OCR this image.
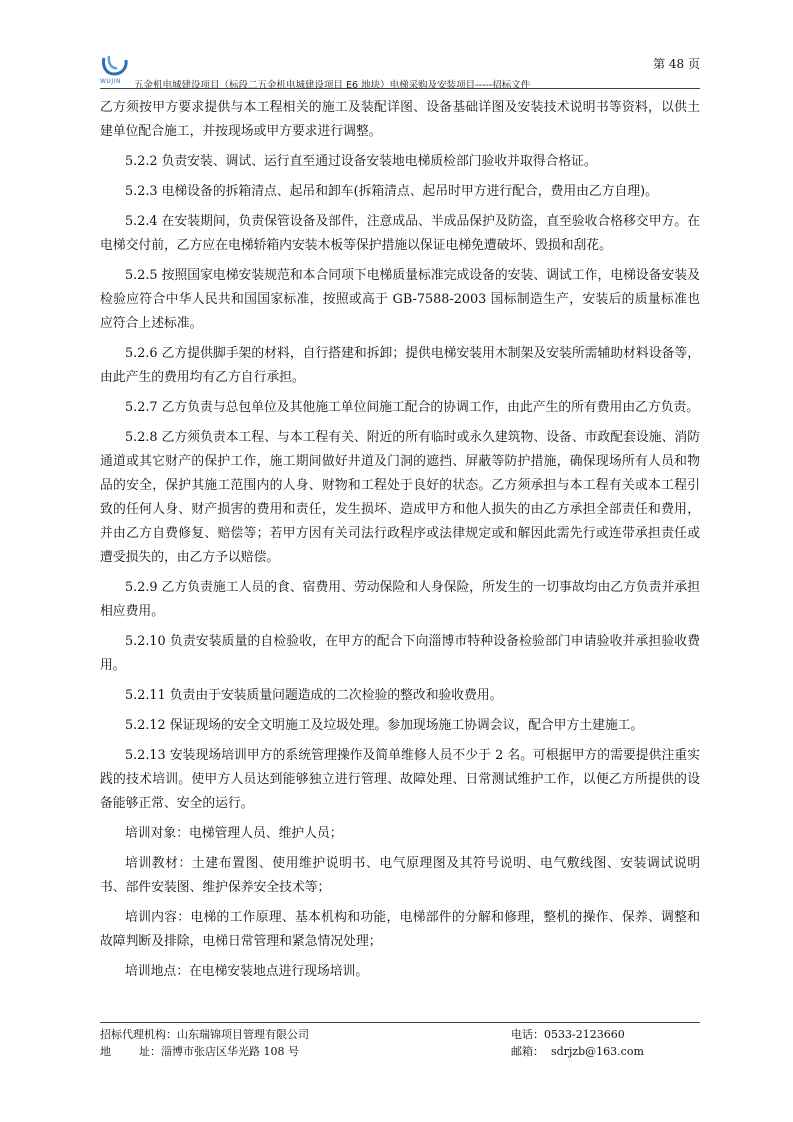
WUJIN
第 48 页
五金机电城建设项目（标段二五金机电城建设项目 E6 地块）电梯采购及安装项目-----招标文件

乙方须按甲方要求提供与本工程相关的施工及装配详图、设备基础详图及安装技术说明书等资料，以供土建单位配合施工，并按现场或甲方要求进行调整。

5.2.2 负责安装、调试、运行直至通过设备安装地电梯质检部门验收并取得合格证。

5.2.3 电梯设备的拆箱清点、起吊和卸车(拆箱清点、起吊时甲方进行配合，费用由乙方自理)。

5.2.4 在安装期间，负责保管设备及部件，注意成品、半成品保护及防盗，直至验收合格移交甲方。在电梯交付前，乙方应在电梯轿箱内安装木板等保护措施以保证电梯免遭破坏、毁损和刮花。

5.2.5 按照国家电梯安装规范和本合同项下电梯质量标准完成设备的安装、调试工作，电梯设备安装及检验应符合中华人民共和国国家标准，按照或高于 GB-7588-2003 国标制造生产，安装后的质量标准也应符合上述标准。

5.2.6 乙方提供脚手架的材料，自行搭建和拆卸；提供电梯安装用木制架及安装所需辅助材料设备等，由此产生的费用均有乙方自行承担。

5.2.7 乙方负责与总包单位及其他施工单位间施工配合的协调工作，由此产生的所有费用由乙方负责。

5.2.8 乙方须负责本工程、与本工程有关、附近的所有临时或永久建筑物、设备、市政配套设施、消防通道或其它财产的保护工作，施工期间做好井道及门洞的遮挡、屏蔽等防护措施，确保现场所有人员和物品的安全，保护其施工范围内的人身、财物和工程处于良好的状态。乙方须承担与本工程有关或本工程引致的任何人身、财产损害的费用和责任，发生损坏、造成甲方和他人损失的由乙方承担全部责任和费用，并由乙方自费修复、赔偿等；若甲方因有关司法行政程序或法律规定或和解因此需先行或连带承担责任或遭受损失的，由乙方予以赔偿。

5.2.9 乙方负责施工人员的食、宿费用、劳动保险和人身保险，所发生的一切事故均由乙方负责并承担相应费用。

5.2.10 负责安装质量的自检验收，在甲方的配合下向淄博市特种设备检验部门申请验收并承担验收费用。

5.2.11 负责由于安装质量问题造成的二次检验的整改和验收费用。

5.2.12 保证现场的安全文明施工及垃圾处理。参加现场施工协调会议，配合甲方土建施工。

5.2.13 安装现场培训甲方的系统管理操作及简单维修人员不少于 2 名。可根据甲方的需要提供注重实践的技术培训。使甲方人员达到能够独立进行管理、故障处理、日常测试维护工作，以便乙方所提供的设备能够正常、安全的运行。

培训对象：电梯管理人员、维护人员；

培训教材：土建布置图、使用维护说明书、电气原理图及其符号说明、电气敷线图、安装调试说明书、部件安装图、维护保养安全技术等；

培训内容：电梯的工作原理、基本机构和功能，电梯部件的分解和修理，整机的操作、保养、调整和故障判断及排除，电梯日常管理和紧急情况处理；

培训地点：在电梯安装地点进行现场培训。

招标代理机构：山东瑞锦项目管理有限公司	电话：0533-2123660
地        址：淄博市张店区华光路 108 号	邮箱：  sdrjzb@163.com
